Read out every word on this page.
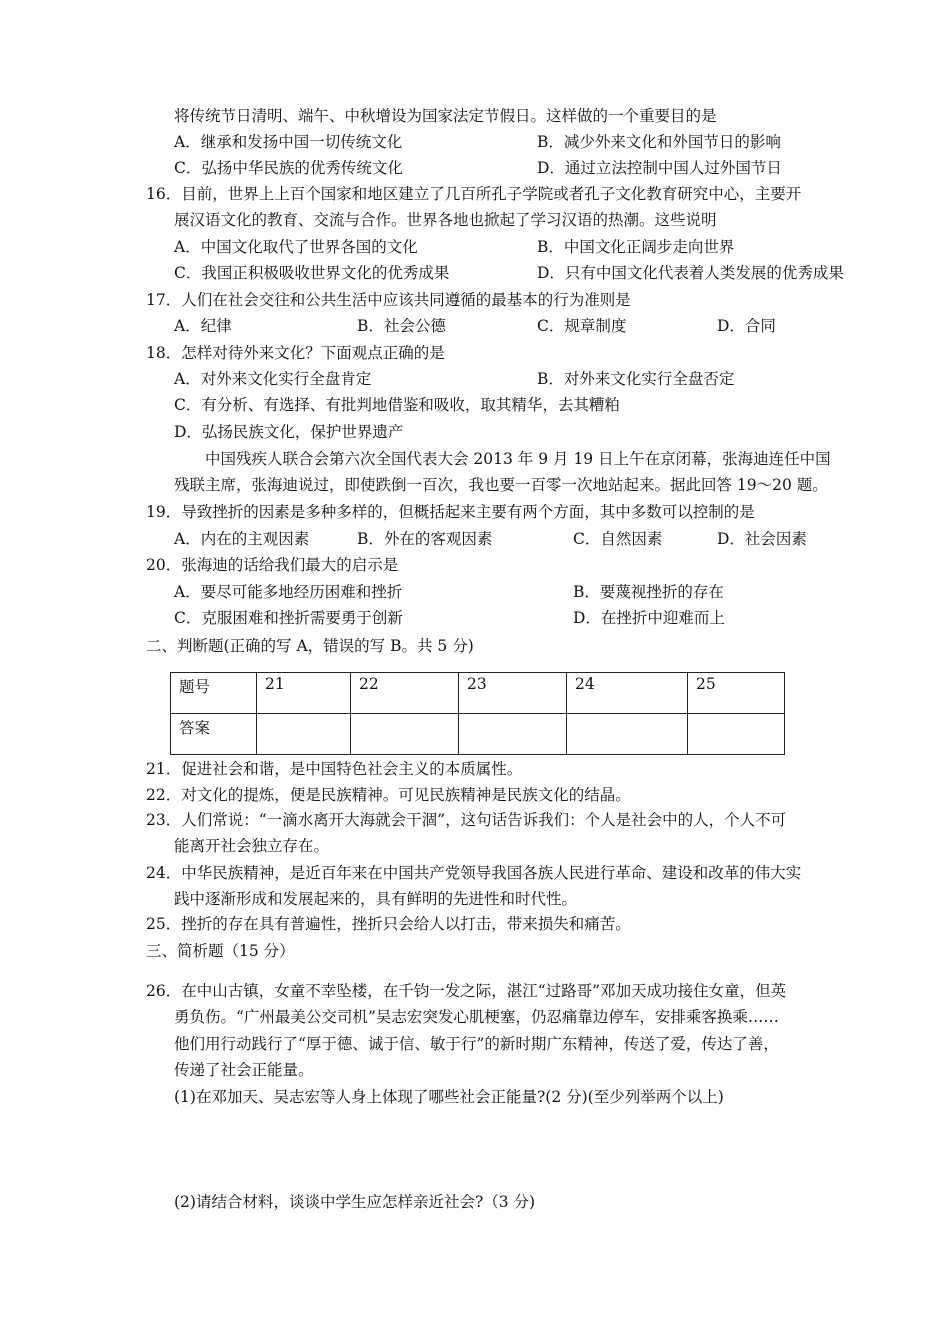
将传统节日清明、端午、中秋增设为国家法定节假日。这样做的一个重要目的是
A．继承和发扬中国一切传统文化	B．减少外来文化和外国节日的影响
C．弘扬中华民族的优秀传统文化	D．通过立法控制中国人过外国节日
16．目前，世界上上百个国家和地区建立了几百所孔子学院或者孔子文化教育研究中心，主要开
展汉语文化的教育、交流与合作。世界各地也掀起了学习汉语的热潮。这些说明
A．中国文化取代了世界各国的文化	B．中国文化正阔步走向世界
C．我国正积极吸收世界文化的优秀成果	D．只有中国文化代表着人类发展的优秀成果
17．人们在社会交往和公共生活中应该共同遵循的最基本的行为准则是
A．纪律	B．社会公德	C．规章制度	D．合同
18．怎样对待外来文化？下面观点正确的是
A．对外来文化实行全盘肯定	B．对外来文化实行全盘否定
C．有分析、有选择、有批判地借鉴和吸收，取其精华，去其糟粕
D．弘扬民族文化，保护世界遗产
中国残疾人联合会第六次全国代表大会 2013 年 9 月 19 日上午在京闭幕，张海迪连任中国
残联主席，张海迪说过，即使跌倒一百次，我也要一百零一次地站起来。据此回答 19～20 题。
19．导致挫折的因素是多种多样的，但概括起来主要有两个方面，其中多数可以控制的是
A．内在的主观因素	B．外在的客观因素	C．自然因素	D．社会因素
20．张海迪的话给我们最大的启示是
A．要尽可能多地经历困难和挫折	B．要蔑视挫折的存在
C．克服困难和挫折需要勇于创新	D．在挫折中迎难而上
二、判断题(正确的写 A，错误的写 B。共 5 分)
题号	21	22	23	24	25
答案					
21．促进社会和谐，是中国特色社会主义的本质属性。
22．对文化的提炼，便是民族精神。可见民族精神是民族文化的结晶。
23．人们常说：“一滴水离开大海就会干涸”，这句话告诉我们：个人是社会中的人，个人不可
能离开社会独立存在。
24．中华民族精神，是近百年来在中国共产党领导我国各族人民进行革命、建设和改革的伟大实
践中逐渐形成和发展起来的，具有鲜明的先进性和时代性。
25．挫折的存在具有普遍性，挫折只会给人以打击，带来损失和痛苦。
三、简析题（15 分）
26．在中山古镇，女童不幸坠楼，在千钧一发之际，湛江“过路哥”邓加天成功接住女童，但英
勇负伤。“广州最美公交司机”吴志宏突发心肌梗塞，仍忍痛靠边停车，安排乘客换乘……
他们用行动践行了“厚于德、诚于信、敏于行”的新时期广东精神，传送了爱，传达了善，
传递了社会正能量。
(1)在邓加天、吴志宏等人身上体现了哪些社会正能量?(2 分)(至少列举两个以上)
(2)请结合材料，谈谈中学生应怎样亲近社会?（3 分)
